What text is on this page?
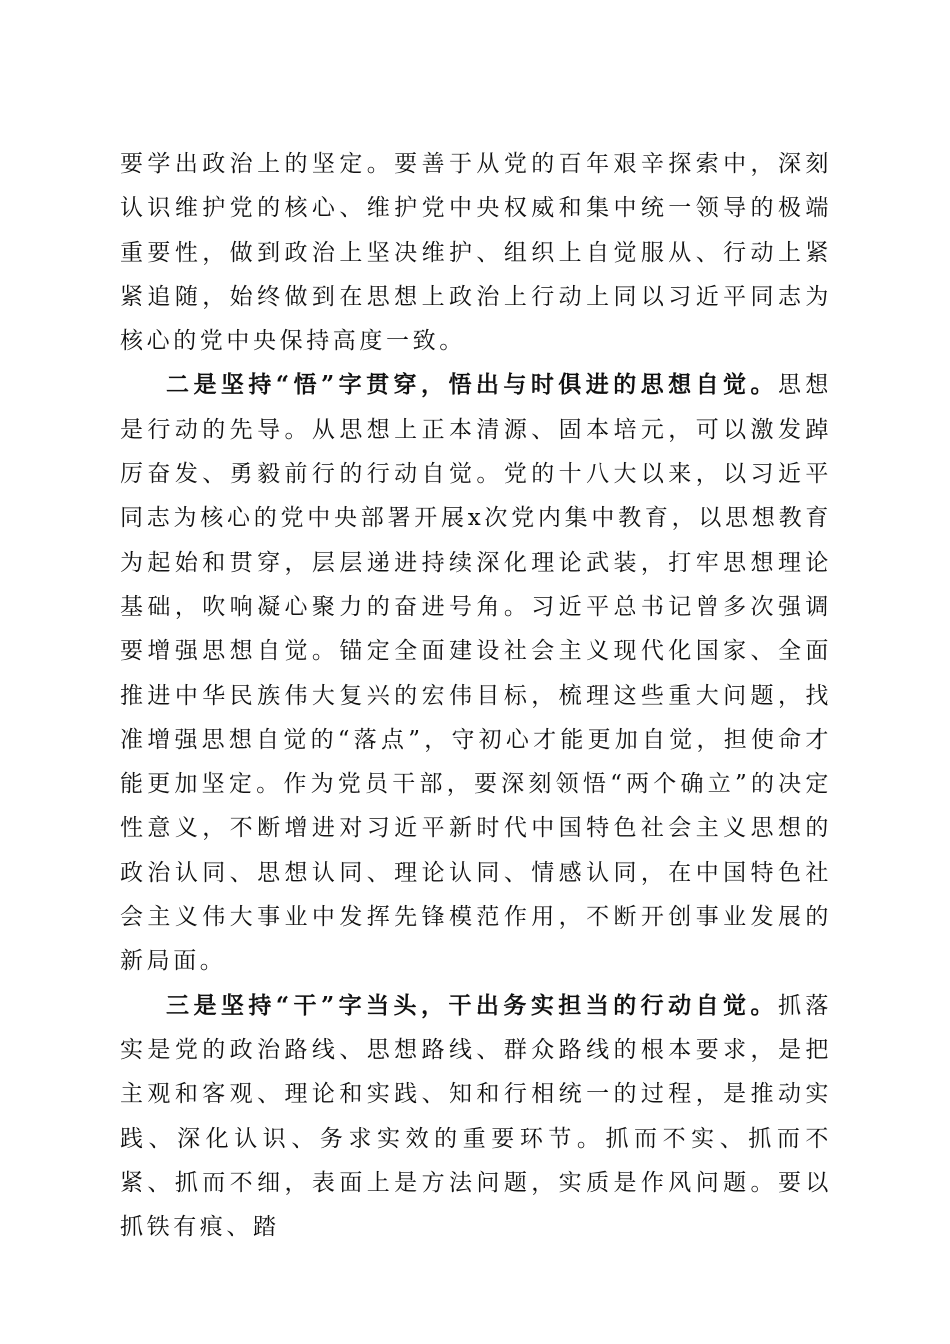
要学出政治上的坚定。要善于从党的百年艰辛探索中，深刻认识维护党的核心、维护党中央权威和集中统一领导的极端重要性，做到政治上坚决维护、组织上自觉服从、行动上紧紧追随，始终做到在思想上政治上行动上同以习近平同志为核心的党中央保持高度一致。

二是坚持“悟”字贯穿，悟出与时俱进的思想自觉。思想是行动的先导。从思想上正本清源、固本培元，可以激发踔厉奋发、勇毅前行的行动自觉。党的十八大以来，以习近平同志为核心的党中央部署开展x次党内集中教育，以思想教育为起始和贯穿，层层递进持续深化理论武装，打牢思想理论基础，吹响凝心聚力的奋进号角。习近平总书记曾多次强调要增强思想自觉。锚定全面建设社会主义现代化国家、全面推进中华民族伟大复兴的宏伟目标，梳理这些重大问题，找准增强思想自觉的“落点”，守初心才能更加自觉，担使命才能更加坚定。作为党员干部，要深刻领悟“两个确立”的决定性意义，不断增进对习近平新时代中国特色社会主义思想的政治认同、思想认同、理论认同、情感认同，在中国特色社会主义伟大事业中发挥先锋模范作用，不断开创事业发展的新局面。

三是坚持“干”字当头，干出务实担当的行动自觉。抓落实是党的政治路线、思想路线、群众路线的根本要求，是把主观和客观、理论和实践、知和行相统一的过程，是推动实践、深化认识、务求实效的重要环节。抓而不实、抓而不紧、抓而不细，表面上是方法问题，实质是作风问题。要以抓铁有痕、踏
